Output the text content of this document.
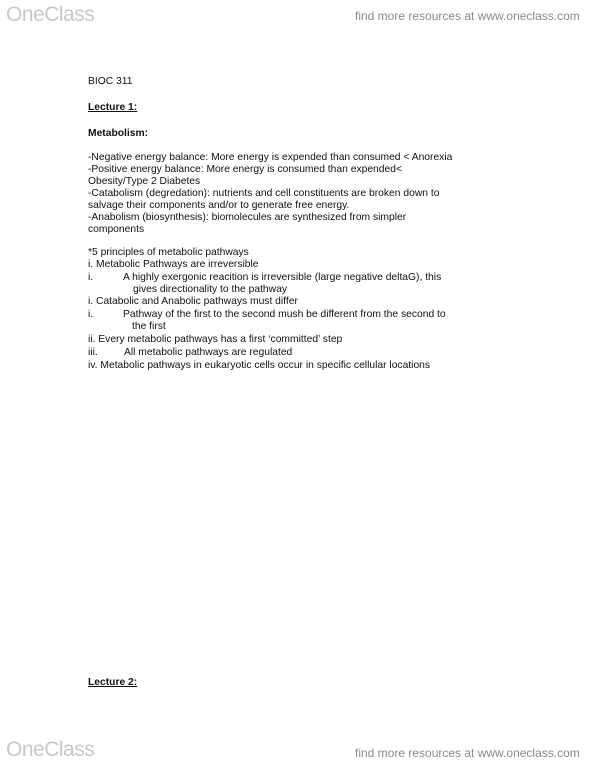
OneClass	find more resources at www.oneclass.com
BIOC 311
Lecture 1:
Metabolism:
-Negative energy balance: More energy is expended than consumed < Anorexia
-Positive energy balance: More energy is consumed than expended<
Obesity/Type 2 Diabetes
-Catabolism (degredation): nutrients and cell constituents are broken down to
salvage their components and/or to generate free energy.
-Anabolism (biosynthesis): biomolecules are synthesized from simpler
components
*5 principles of metabolic pathways
i. Metabolic Pathways are irreversible
i.	A highly exergonic reacition is irreversible (large negative deltaG), this
gives directionality to the pathway
i. Catabolic and Anabolic pathways must differ
i.	Pathway of the first to the second mush be different from the second to
the first
ii. Every metabolic pathways has a first ‘committed’ step
iii.	All metabolic pathways are regulated
iv. Metabolic pathways in eukaryotic cells occur in specific cellular locations
Lecture 2:
OneClass	find more resources at www.oneclass.com
